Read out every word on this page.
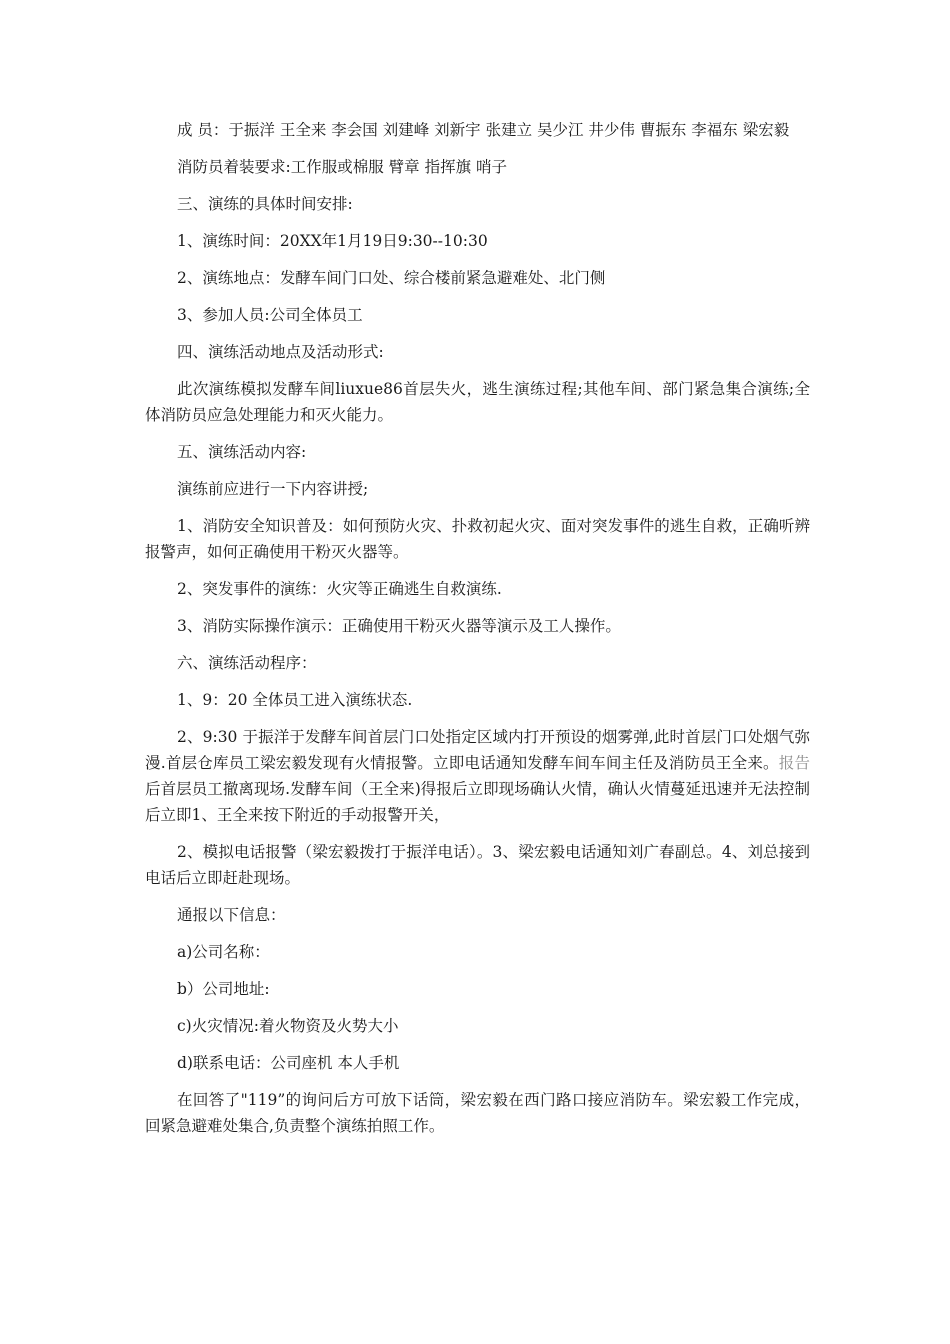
成 员：于振洋 王全来 李会国 刘建峰 刘新宇 张建立 吴少江 井少伟 曹振东 李福东 梁宏毅

消防员着装要求:工作服或棉服 臂章 指挥旗 哨子

三、演练的具体时间安排:

1、演练时间：20XX年1月19日9:30--10:30

2、演练地点：发酵车间门口处、综合楼前紧急避难处、北门侧

3、参加人员:公司全体员工

四、演练活动地点及活动形式:

此次演练模拟发酵车间liuxue86首层失火，逃生演练过程;其他车间、部门紧急集合演练;全体消防员应急处理能力和灭火能力。

五、演练活动内容:

演练前应进行一下内容讲授;

1、消防安全知识普及：如何预防火灾、扑救初起火灾、面对突发事件的逃生自救，正确听辨报警声，如何正确使用干粉灭火器等。

2、突发事件的演练：火灾等正确逃生自救演练.

3、消防实际操作演示：正确使用干粉灭火器等演示及工人操作。

六、演练活动程序：

1、9：20 全体员工进入演练状态.

2、9:30 于振洋于发酵车间首层门口处指定区域内打开预设的烟雾弹,此时首层门口处烟气弥漫.首层仓库员工梁宏毅发现有火情报警。立即电话通知发酵车间车间主任及消防员王全来。报告后首层员工撤离现场.发酵车间（王全来)得报后立即现场确认火情，确认火情蔓延迅速并无法控制后立即1、王全来按下附近的手动报警开关，

2、模拟电话报警（梁宏毅拨打于振洋电话）。3、梁宏毅电话通知刘广春副总。4、刘总接到电话后立即赶赴现场。

通报以下信息：

a)公司名称：

b）公司地址:

c)火灾情况:着火物资及火势大小

d)联系电话：公司座机 本人手机

在回答了"119”的询问后方可放下话筒，梁宏毅在西门路口接应消防车。梁宏毅工作完成，回紧急避难处集合,负责整个演练拍照工作。
